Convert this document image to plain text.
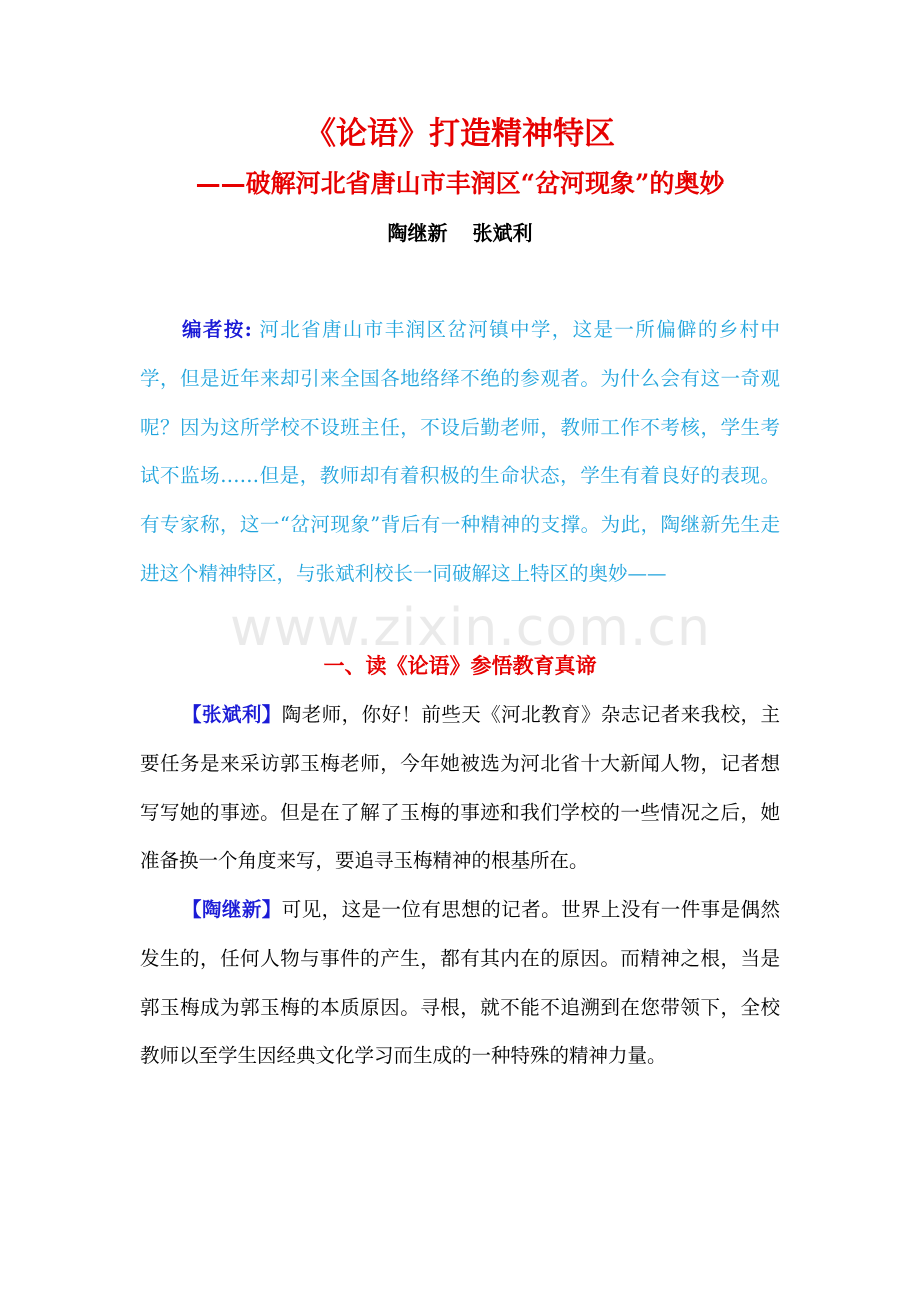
《论语》打造精神特区
——破解河北省唐山市丰润区“岔河现象”的奥妙
陶继新 张斌利
编者按: 河北省唐山市丰润区岔河镇中学，这是一所偏僻的乡村中学，但是近年来却引来全国各地络绎不绝的参观者。为什么会有这一奇观呢？因为这所学校不设班主任，不设后勤老师，教师工作不考核，学生考试不监场……但是，教师却有着积极的生命状态，学生有着良好的表现。有专家称，这一“岔河现象”背后有一种精神的支撑。为此，陶继新先生走进这个精神特区，与张斌利校长一同破解这上特区的奥妙——
www.zixin.com.cn
一、读《论语》参悟教育真谛
【张斌利】陶老师，你好！前些天《河北教育》杂志记者来我校，主要任务是来采访郭玉梅老师，今年她被选为河北省十大新闻人物，记者想写写她的事迹。但是在了解了玉梅的事迹和我们学校的一些情况之后，她准备换一个角度来写，要追寻玉梅精神的根基所在。
【陶继新】可见，这是一位有思想的记者。世界上没有一件事是偶然发生的，任何人物与事件的产生，都有其内在的原因。而精神之根，当是郭玉梅成为郭玉梅的本质原因。寻根，就不能不追溯到在您带领下，全校教师以至学生因经典文化学习而生成的一种特殊的精神力量。
